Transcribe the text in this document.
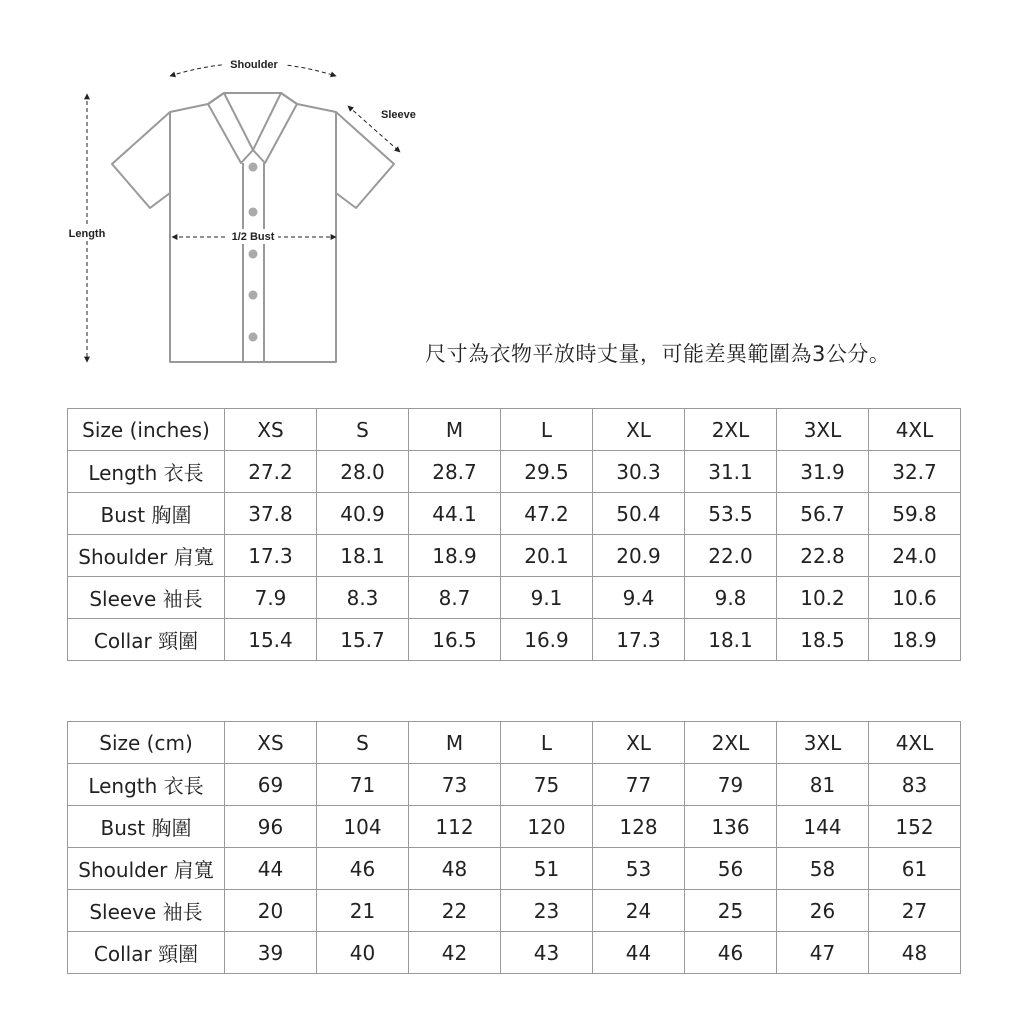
Shoulder
Sleeve
Length	1/2 Bust
尺寸為衣物平放時丈量，可能差異範圍為3公分。
Size (inches)	XS	S	M	L	XL	2XL	3XL	4XL
Length 衣長	27.2	28.0	28.7	29.5	30.3	31.1	31.9	32.7
Bust 胸圍	37.8	40.9	44.1	47.2	50.4	53.5	56.7	59.8
Shoulder 肩寬	17.3	18.1	18.9	20.1	20.9	22.0	22.8	24.0
Sleeve 袖長	7.9	8.3	8.7	9.1	9.4	9.8	10.2	10.6
Collar 頸圍	15.4	15.7	16.5	16.9	17.3	18.1	18.5	18.9
Size (cm)	XS	S	M	L	XL	2XL	3XL	4XL
Length 衣長	69	71	73	75	77	79	81	83
Bust 胸圍	96	104	112	120	128	136	144	152
Shoulder 肩寬	44	46	48	51	53	56	58	61
Sleeve 袖長	20	21	22	23	24	25	26	27
Collar 頸圍	39	40	42	43	44	46	47	48
